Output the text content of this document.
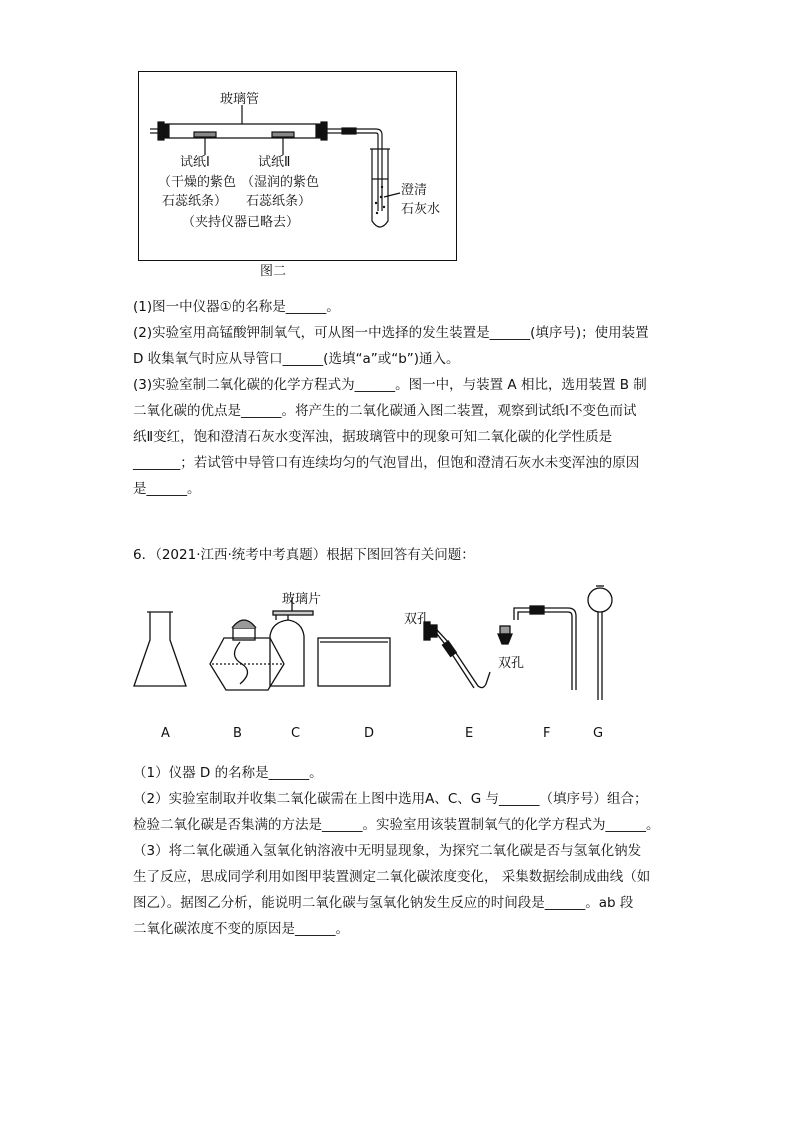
玻璃管
试纸Ⅰ
（干燥的紫色
石蕊纸条）
试纸Ⅱ
（湿润的紫色
石蕊纸条）
（夹持仪器已略去）
澄清
石灰水
图二

(1)图一中仪器①的名称是______。

(2)实验室用高锰酸钾制氧气，可从图一中选择的发生装置是______(填序号)；使用装置

D 收集氧气时应从导管口______(选填“a”或“b”)通入。

(3)实验室制二氧化碳的化学方程式为______。图一中，与装置 A 相比，选用装置 B 制

二氧化碳的优点是______。将产生的二氧化碳通入图二装置，观察到试纸Ⅰ不变色而试

纸Ⅱ变红，饱和澄清石灰水变浑浊，据玻璃管中的现象可知二氧化碳的化学性质是

_______；若试管中导管口有连续均匀的气泡冒出，但饱和澄清石灰水未变浑浊的原因

是______。

6．（2021·江西·统考中考真题）根据下图回答有关问题：
玻璃片
双孔
双孔
A	B	C	D	E	F	G

（1）仪器 D 的名称是______。

（2）实验室制取并收集二氧化碳需在上图中选用A、C、G 与______（填序号）组合；

检验二氧化碳是否集满的方法是______。实验室用该装置制氧气的化学方程式为______。

（3）将二氧化碳通入氢氧化钠溶液中无明显现象，为探究二氧化碳是否与氢氧化钠发

生了反应，思成同学利用如图甲装置测定二氧化碳浓度变化， 采集数据绘制成曲线（如

图乙）。据图乙分析，能说明二氧化碳与氢氧化钠发生反应的时间段是______。ab 段

二氧化碳浓度不变的原因是______。
